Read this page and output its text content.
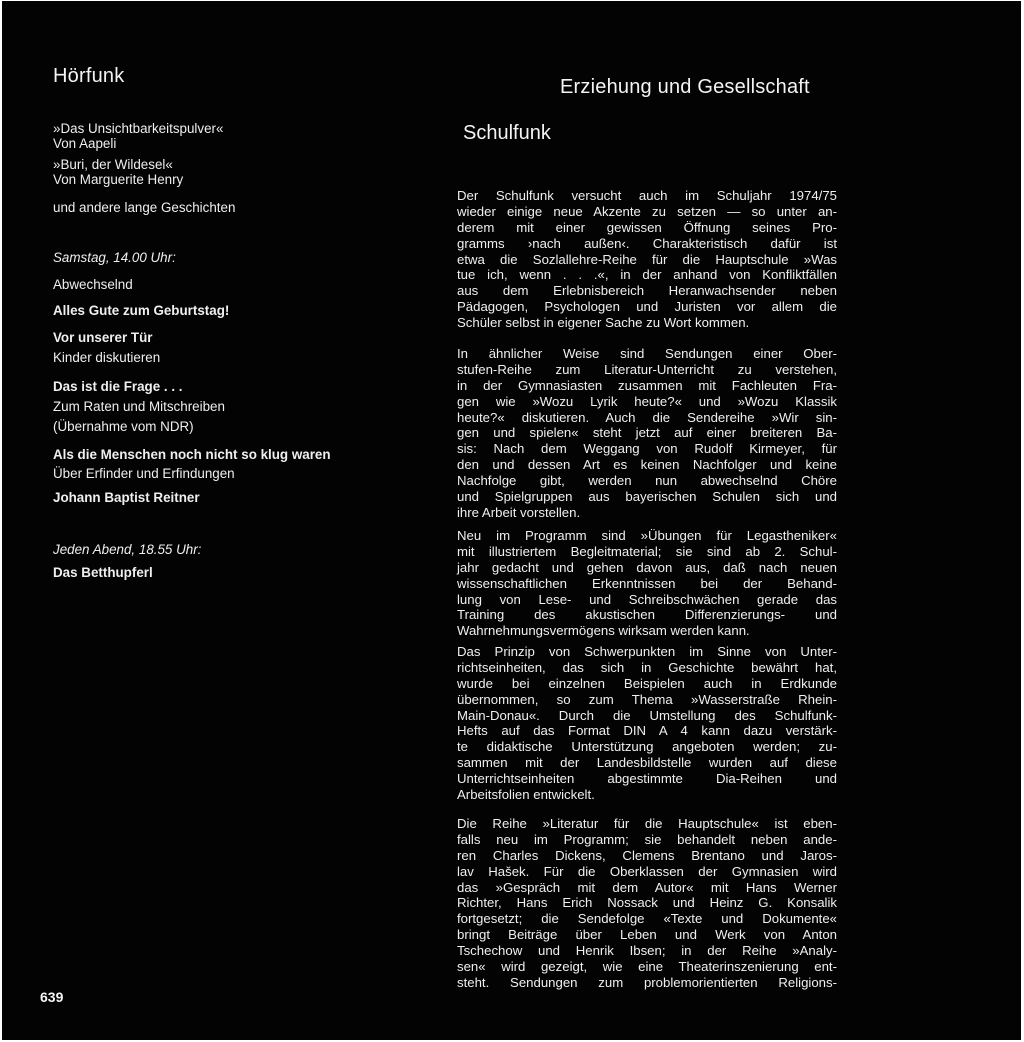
Hörfunk
»Das Unsichtbarkeitspulver«
Von Aapeli
»Buri, der Wildesel«
Von Marguerite Henry
und andere lange Geschichten
Samstag, 14.00 Uhr:
Abwechselnd
Alles Gute zum Geburtstag!
Vor unserer Tür
Kinder diskutieren
Das ist die Frage . . .
Zum Raten und Mitschreiben
(Übernahme vom NDR)
Als die Menschen noch nicht so klug waren
Über Erfinder und Erfindungen
Johann Baptist Reitner
Jeden Abend, 18.55 Uhr:
Das Betthupferl
Erziehung und Gesellschaft
Schulfunk
Der Schulfunk versucht auch im Schuljahr 1974/75
wieder einige neue Akzente zu setzen — so unter an-
derem mit einer gewissen Öffnung seines Pro-
gramms ›nach außen‹. Charakteristisch dafür ist
etwa die Sozlallehre-Reihe für die Hauptschule »Was
tue ich, wenn . . .«, in der anhand von Konfliktfällen
aus dem Erlebnisbereich Heranwachsender neben
Pädagogen, Psychologen und Juristen vor allem die
Schüler selbst in eigener Sache zu Wort kommen.
In ähnlicher Weise sind Sendungen einer Ober-
stufen-Reihe zum Literatur-Unterricht zu verstehen,
in der Gymnasiasten zusammen mit Fachleuten Fra-
gen wie »Wozu Lyrik heute?« und »Wozu Klassik
heute?« diskutieren. Auch die Sendereihe »Wir sin-
gen und spielen« steht jetzt auf einer breiteren Ba-
sis: Nach dem Weggang von Rudolf Kirmeyer, für
den und dessen Art es keinen Nachfolger und keine
Nachfolge gibt, werden nun abwechselnd Chöre
und Spielgruppen aus bayerischen Schulen sich und
ihre Arbeit vorstellen.
Neu im Programm sind »Übungen für Legastheniker«
mit illustriertem Begleitmaterial; sie sind ab 2. Schul-
jahr gedacht und gehen davon aus, daß nach neuen
wissenschaftlichen Erkenntnissen bei der Behand-
lung von Lese- und Schreibschwächen gerade das
Training des akustischen Differenzierungs- und
Wahrnehmungsvermögens wirksam werden kann.
Das Prinzip von Schwerpunkten im Sinne von Unter-
richtseinheiten, das sich in Geschichte bewährt hat,
wurde bei einzelnen Beispielen auch in Erdkunde
übernommen, so zum Thema »Wasserstraße Rhein-
Main-Donau«. Durch die Umstellung des Schulfunk-
Hefts auf das Format DIN A 4 kann dazu verstärk-
te didaktische Unterstützung angeboten werden; zu-
sammen mit der Landesbildstelle wurden auf diese
Unterrichtseinheiten abgestimmte Dia-Reihen und
Arbeitsfolien entwickelt.
Die Reihe »Literatur für die Hauptschule« ist eben-
falls neu im Programm; sie behandelt neben ande-
ren Charles Dickens, Clemens Brentano und Jaros-
lav Hašek. Für die Oberklassen der Gymnasien wird
das »Gespräch mit dem Autor« mit Hans Werner
Richter, Hans Erich Nossack und Heinz G. Konsalik
fortgesetzt; die Sendefolge «Texte und Dokumente«
bringt Beiträge über Leben und Werk von Anton
Tschechow und Henrik Ibsen; in der Reihe »Analy-
sen« wird gezeigt, wie eine Theaterinszenierung ent-
steht. Sendungen zum problemorientierten Religions-
639
